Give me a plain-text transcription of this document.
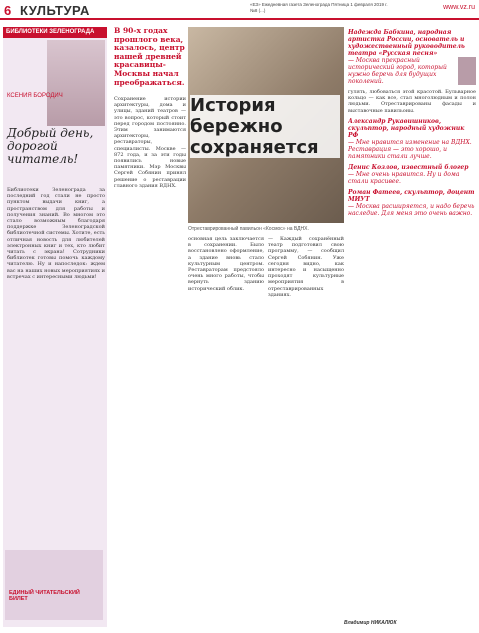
6 КУЛЬТУРА	«ЕЗ» Ежедневная газета Зеленограда Пятница 1 февраля 2019 г. №8 (...)	www.vz.ru
БИБЛИОТЕКИ ЗЕЛЕНОГРАДА
КСЕНИЯ БОРОДИЧ
Добрый день, дорогой читатель!
Библиотеки Зеленограда за последний год стали не просто пунктом выдачи книг, а пространством для работы и получения знаний. Во многом это стало возможным благодаря поддержке Зеленоградской библиотечной системы. Хотите, есть отличная новость для любителей электронных книг и тех, кто любит читать с экрана! Сотрудники библиотек готовы помочь каждому читателю. Ну и напоследок: ждем вас на наших новых мероприятиях и встречах с интересными людьми!
ЕДИНЫЙ ЧИТАТЕЛЬСКИЙ БИЛЕТ
В 90-х годах прошлого века, казалось, центр нашей древней красавицы-Москвы начал преображаться.
История бережно сохраняется
Сохранение истории архитектуры, дома и улицы, зданий театров — это вопрос, который стоит перед городом постоянно. Этим занимаются архитекторы, реставраторы, специалисты. Москве — 872 года, и за эти годы появились новые памятники. Мэр Москвы Сергей Собянин принял решение о реставрации главного здания ВДНХ.
Отреставрированный павильон «Космос» на ВДНХ.
основная цель заключается в сохранении. Было восстановлено оформление, а здание вновь стало культурным центром. Реставраторам предстояло очень много работы, чтобы вернуть зданию исторический облик.
— Каждый сохранённый театр подготовил свою программу, — сообщил Сергей Собянин. Уже сегодня видно, как интересно и насыщенно проходят культурные мероприятия в отреставрированных зданиях.
Надежда Бабкина, народная артистка России, основатель и художественный руководитель театра «Русская песня»
— Москва прекрасный исторический город, который нужно беречь для будущих поколений.
гулять, любоваться этой красотой. Бульварное кольцо — как все, стал многолюдным и полон людьми. Отреставрированы фасады и выставочные павильоны.
Александр Рукавишников, скульптор, народный художник РФ
— Мне нравится изменение на ВДНХ. Реставрация — это хорошо, и памятники стали лучше.
Денис Козлов, известный блогер
— Мне очень нравится. Ну и дома стали красивее.
Роман Фатеев, скульптор, доцент МИУТ
— Москва расширяется, и надо беречь наследие. Для меня это очень важно.
Владимир НИКАЛЮК
